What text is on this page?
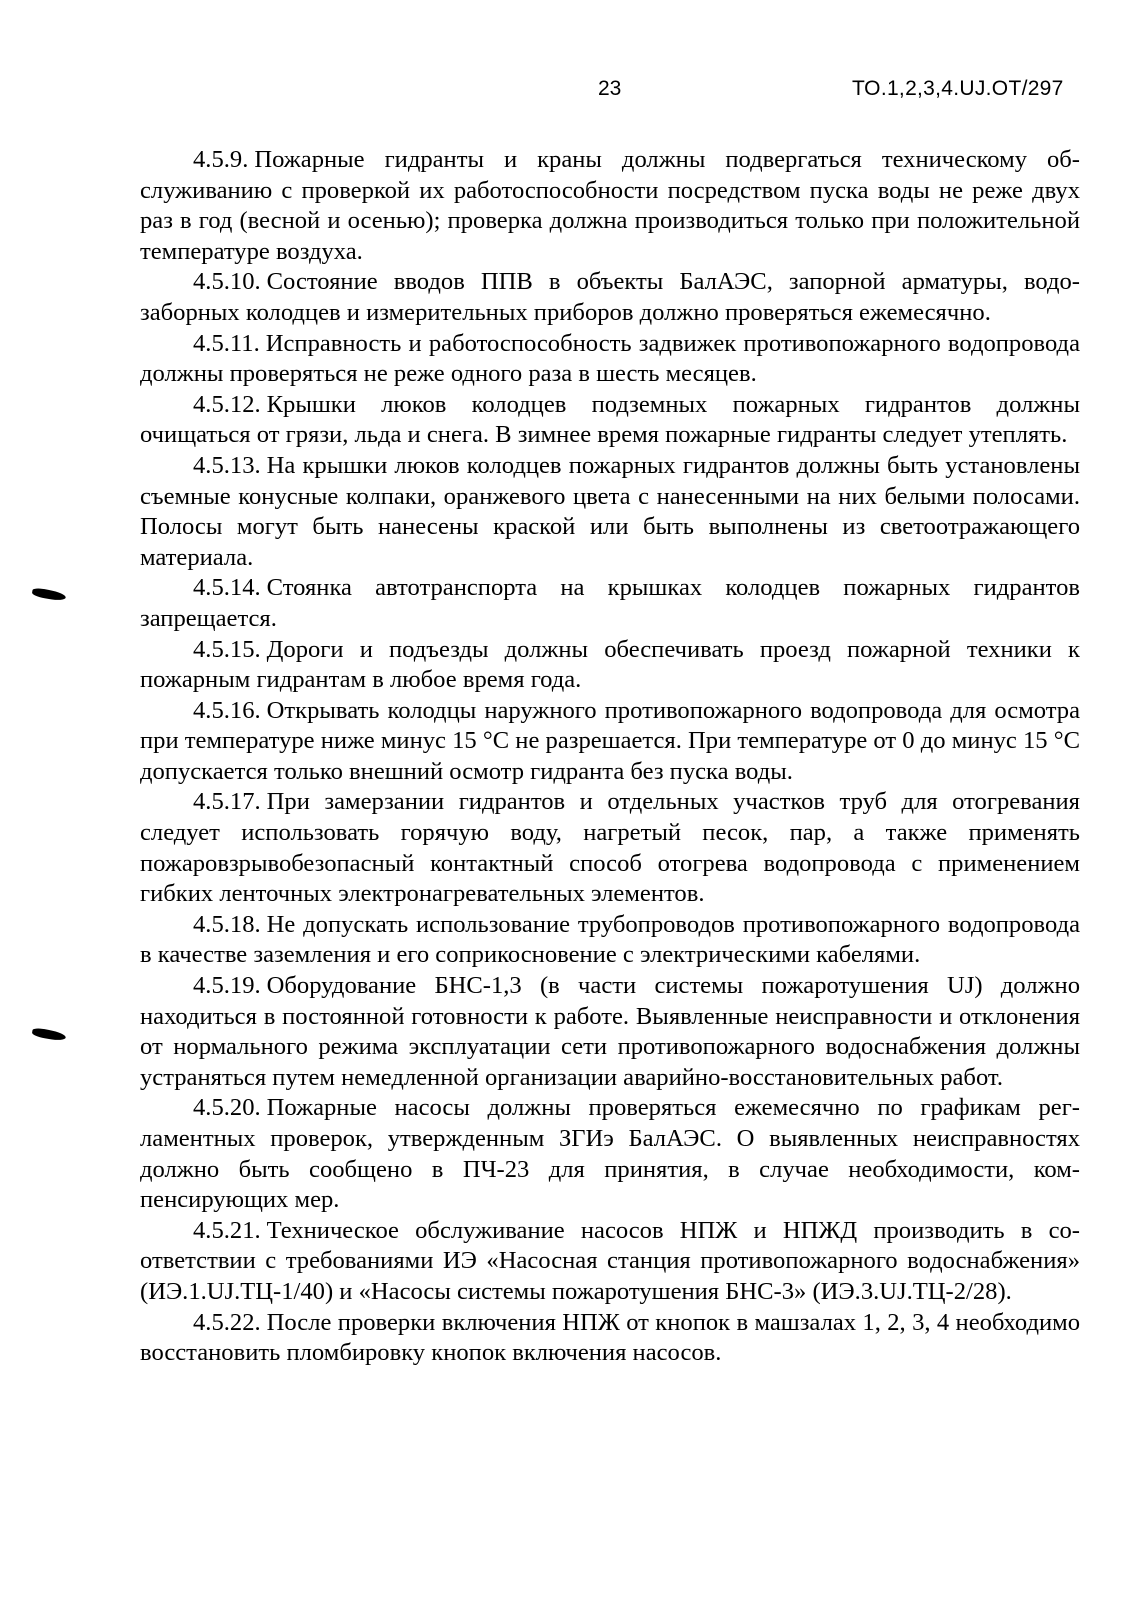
23	ТО.1,2,3,4.UJ.ОТ/297

4.5.9. Пожарные гидранты и краны должны подвергаться техническому обслуживанию с проверкой их работоспособности посредством пуска воды не реже двух раз в год (весной и осенью); проверка должна производиться только при положительной температуре воздуха.

4.5.10. Состояние вводов ППВ в объекты БалАЭС, запорной арматуры, водозаборных колодцев и измерительных приборов должно проверяться ежемесячно.

4.5.11. Исправность и работоспособность задвижек противопожарного водопровода должны проверяться не реже одного раза в шесть месяцев.

4.5.12. Крышки люков колодцев подземных пожарных гидрантов должны очищаться от грязи, льда и снега. В зимнее время пожарные гидранты следует утеплять.

4.5.13. На крышки люков колодцев пожарных гидрантов должны быть установлены съемные конусные колпаки, оранжевого цвета с нанесенными на них белыми полосами. Полосы могут быть нанесены краской или быть выполнены из светоотражающего материала.

4.5.14. Стоянка автотранспорта на крышках колодцев пожарных гидрантов запрещается.

4.5.15. Дороги и подъезды должны обеспечивать проезд пожарной техники к пожарным гидрантам в любое время года.

4.5.16. Открывать колодцы наружного противопожарного водопровода для осмотра при температуре ниже минус 15 °С не разрешается. При температуре от 0 до минус 15 °С допускается только внешний осмотр гидранта без пуска воды.

4.5.17. При замерзании гидрантов и отдельных участков труб для отогревания следует использовать горячую воду, нагретый песок, пар, а также применять пожаровзрывобезопасный контактный способ отогрева водопровода с применением гибких ленточных электронагревательных элементов.

4.5.18. Не допускать использование трубопроводов противопожарного водопровода в качестве заземления и его соприкосновение с электрическими кабелями.

4.5.19. Оборудование БНС-1,3 (в части системы пожаротушения UJ) должно находиться в постоянной готовности к работе. Выявленные неисправности и отклонения от нормального режима эксплуатации сети противопожарного водоснабжения должны устраняться путем немедленной организации аварийно-восстановительных работ.

4.5.20. Пожарные насосы должны проверяться ежемесячно по графикам регламентных проверок, утвержденным ЗГИэ БалАЭС. О выявленных неисправностях должно быть сообщено в ПЧ-23 для принятия, в случае необходимости, компенсирующих мер.

4.5.21. Техническое обслуживание насосов НПЖ и НПЖД производить в соответствии с требованиями ИЭ «Насосная станция противопожарного водоснабжения» (ИЭ.1.UJ.ТЦ-1/40) и «Насосы системы пожаротушения БНС-3» (ИЭ.3.UJ.ТЦ-2/28).

4.5.22. После проверки включения НПЖ от кнопок в машзалах 1, 2, 3, 4 необходимо восстановить пломбировку кнопок включения насосов.
